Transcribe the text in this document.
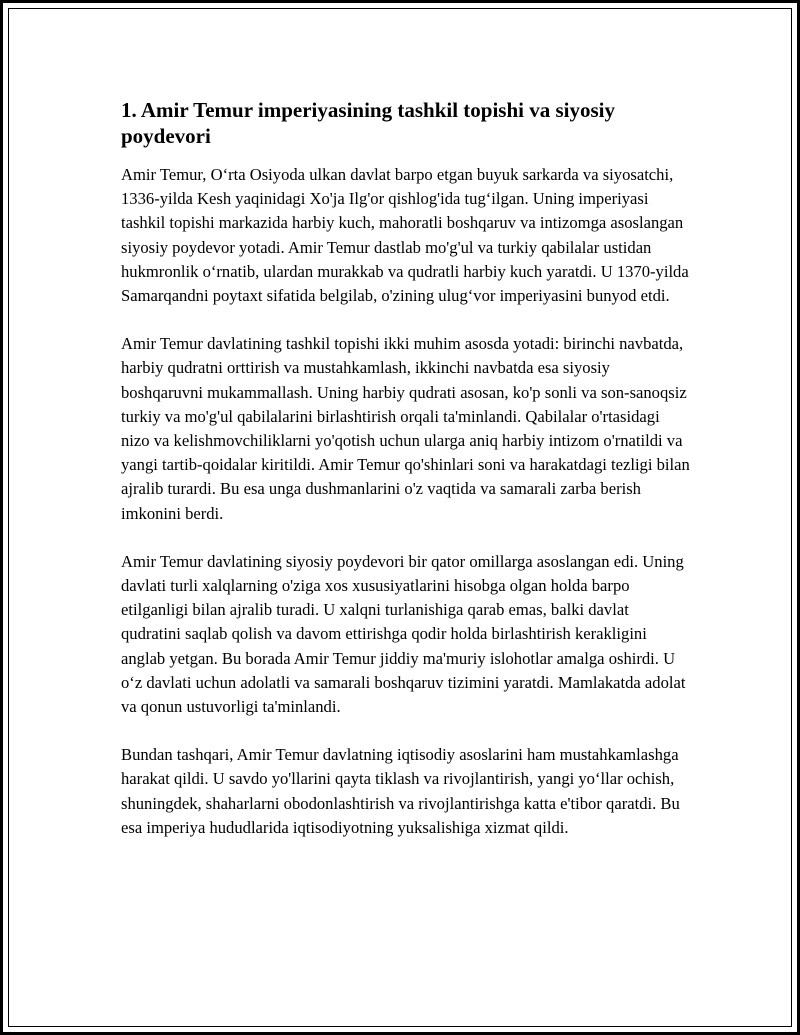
1. Amir Temur imperiyasining tashkil topishi va siyosiy poydevori

Amir Temur, O‘rta Osiyoda ulkan davlat barpo etgan buyuk sarkarda va siyosatchi, 1336-yilda Kesh yaqinidagi Xo'ja Ilg'or qishlog'ida tug‘ilgan. Uning imperiyasi tashkil topishi markazida harbiy kuch, mahoratli boshqaruv va intizomga asoslangan siyosiy poydevor yotadi. Amir Temur dastlab mo'g'ul va turkiy qabilalar ustidan hukmronlik o‘rnatib, ulardan murakkab va qudratli harbiy kuch yaratdi. U 1370-yilda Samarqandni poytaxt sifatida belgilab, o'zining ulug‘vor imperiyasini bunyod etdi.

Amir Temur davlatining tashkil topishi ikki muhim asosda yotadi: birinchi navbatda, harbiy qudratni orttirish va mustahkamlash, ikkinchi navbatda esa siyosiy boshqaruvni mukammallash. Uning harbiy qudrati asosan, ko'p sonli va son-sanoqsiz turkiy va mo'g'ul qabilalarini birlashtirish orqali ta'minlandi. Qabilalar o'rtasidagi nizo va kelishmovchiliklarni yo'qotish uchun ularga aniq harbiy intizom o'rnatildi va yangi tartib-qoidalar kiritildi. Amir Temur qo'shinlari soni va harakatdagi tezligi bilan ajralib turardi. Bu esa unga dushmanlarini o'z vaqtida va samarali zarba berish imkonini berdi.

Amir Temur davlatining siyosiy poydevori bir qator omillarga asoslangan edi. Uning davlati turli xalqlarning o'ziga xos xususiyatlarini hisobga olgan holda barpo etilganligi bilan ajralib turadi. U xalqni turlanishiga qarab emas, balki davlat qudratini saqlab qolish va davom ettirishga qodir holda birlashtirish kerakligini anglab yetgan. Bu borada Amir Temur jiddiy ma'muriy islohotlar amalga oshirdi. U o‘z davlati uchun adolatli va samarali boshqaruv tizimini yaratdi. Mamlakatda adolat va qonun ustuvorligi ta'minlandi.

Bundan tashqari, Amir Temur davlatning iqtisodiy asoslarini ham mustahkamlashga harakat qildi. U savdo yo'llarini qayta tiklash va rivojlantirish, yangi yo‘llar ochish, shuningdek, shaharlarni obodonlashtirish va rivojlantirishga katta e'tibor qaratdi. Bu esa imperiya hududlarida iqtisodiyotning yuksalishiga xizmat qildi.
